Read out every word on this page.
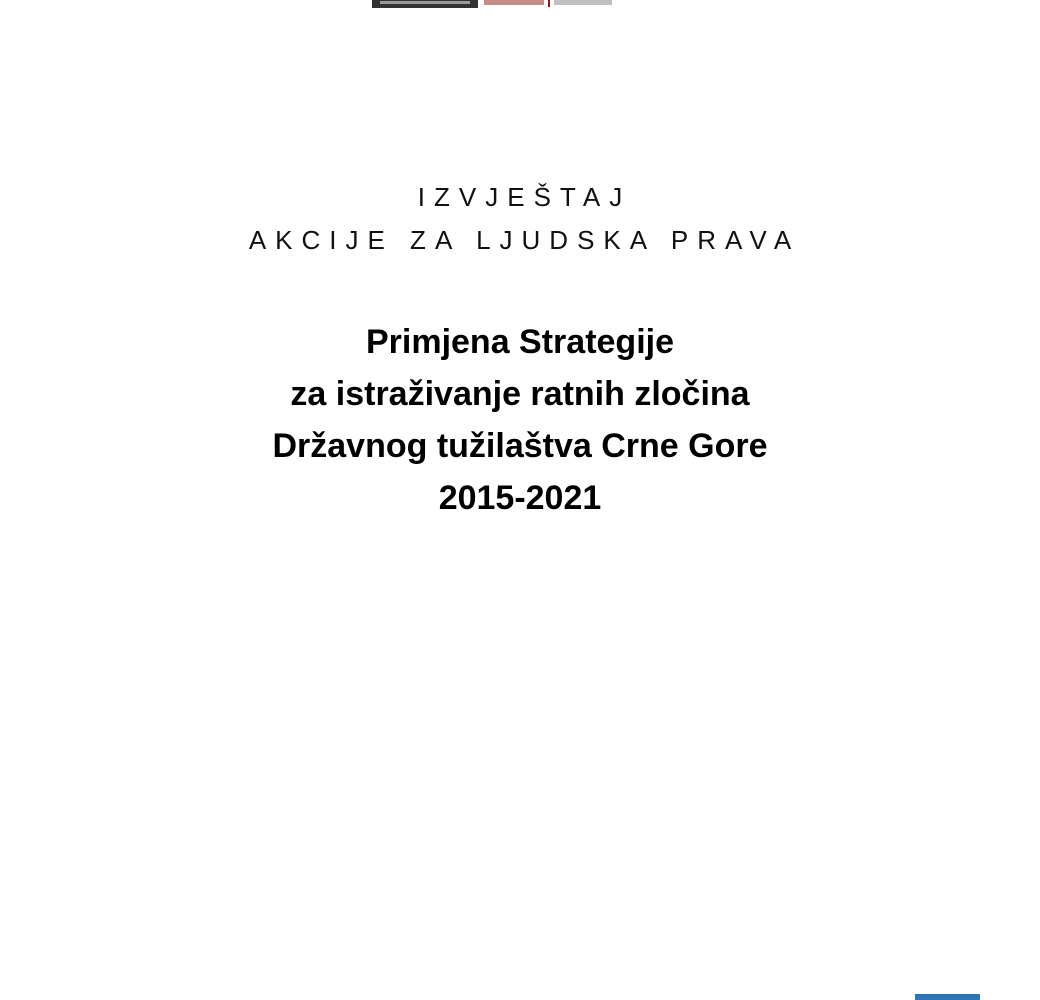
IZVJEŠTAJ

AKCIJE ZA LJUDSKA PRAVA

Primjena Strategije
za istraživanje ratnih zločina
Državnog tužilaštva Crne Gore
2015-2021
